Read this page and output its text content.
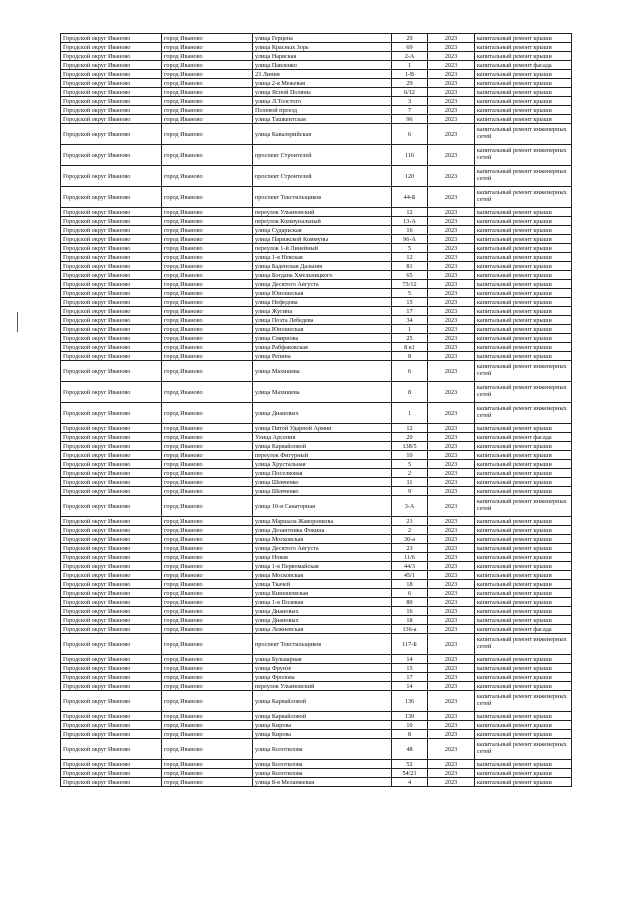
Городской округ Иваново	город Иваново	улица Герцена	29	2023	капитальный ремонт крыши
Городской округ Иваново	город Иваново	улица Красных Зорь	69	2023	капитальный ремонт крыши
Городской округ Иваново	город Иваново	улица Нарвская	2-А	2023	капитальный ремонт крыши
Городской округ Иваново	город Иваново	улица Павленко	1	2023	капитальный ремонт фасада
Городской округ Иваново	город Иваново	23 Линия	1-В	2023	капитальный ремонт крыши
Городской округ Иваново	город Иваново	улица 2-я Межевая	29	2023	капитальный ремонт крыши
Городской округ Иваново	город Иваново	улица Ясной Поляны	6/12	2023	капитальный ремонт крыши
Городской округ Иваново	город Иваново	улица Л.Толстого	3	2023	капитальный ремонт крыши
Городской округ Иваново	город Иваново	Полевой проезд	7	2023	капитальный ремонт крыши
Городской округ Иваново	город Иваново	улица Ташкентская	96	2023	капитальный ремонт крыши
Городской округ Иваново	город Иваново	улица Кавалерийская	6	2023	капитальный ремонт инженерных сетей
Городской округ Иваново	город Иваново	проспект Строителей	116	2023	капитальный ремонт инженерных сетей
Городской округ Иваново	город Иваново	проспект Строителей	120	2023	капитальный ремонт инженерных сетей
Городской округ Иваново	город Иваново	проспект Текстильщиков	44-Б	2023	капитальный ремонт инженерных сетей
Городской округ Иваново	город Иваново	переулок Ульяновский	12	2023	капитальный ремонт крыши
Городской округ Иваново	город Иваново	переулок Коммунальный	13-А	2023	капитальный ремонт крыши
Городской округ Иваново	город Иваново	улица Сударьская	16	2023	капитальный ремонт крыши
Городской округ Иваново	город Иваново	улица Парижской Коммуны	96-А	2023	капитальный ремонт крыши
Городской округ Иваново	город Иваново	переулок 1-й Линейный	5	2023	капитальный ремонт крыши
Городской округ Иваново	город Иваново	улица 1-я Невская	12	2023	капитальный ремонт крыши
Городской округ Иваново	город Иваново	улица Баденская Дальняя	81	2023	капитальный ремонт крыши
Городской округ Иваново	город Иваново	улица Богдана Хмельницкого	65	2023	капитальный ремонт крыши
Городской округ Иваново	город Иваново	улица Десятого Августа	73/12	2023	капитальный ремонт крыши
Городской округ Иваново	город Иваново	улица Юношеская	5	2023	капитальный ремонт крыши
Городской округ Иваново	город Иваново	улица Нефедова	15	2023	капитальный ремонт крыши
Городской округ Иваново	город Иваново	улица Жугина	17	2023	капитальный ремонт крыши
Городской округ Иваново	город Иваново	улица Поэта Лебедева	34	2023	капитальный ремонт крыши
Городской округ Иваново	город Иваново	улица Юношеская	1	2023	капитальный ремонт крыши
Городской округ Иваново	город Иваново	улица Смирнова	25	2023	капитальный ремонт крыши
Городской округ Иваново	город Иваново	улица Рабфаковская	8 к1	2023	капитальный ремонт крыши
Городской округ Иваново	город Иваново	улица Репина	8	2023	капитальный ремонт крыши
Городской округ Иваново	город Иваново	улица Махишева	6	2023	капитальный ремонт инженерных сетей
Городской округ Иваново	город Иваново	улица Махишева	8	2023	капитальный ремонт инженерных сетей
Городской округ Иваново	город Иваново	улица Диановых	1	2023	капитальный ремонт инженерных сетей
Городской округ Иваново	город Иваново	улица Пятой Ударной Армии	12	2023	капитальный ремонт крыши
Городской округ Иваново	город Иваново	Улица Арсения	20	2023	капитальный ремонт фасада
Городской округ Иваново	город Иваново	улица Карвайловой	138/5	2023	капитальный ремонт крыши
Городской округ Иваново	город Иваново	переулок Фигурный	10	2023	капитальный ремонт крыши
Городской округ Иваново	город Иваново	улица Хрустальная	5	2023	капитальный ремонт крыши
Городской округ Иваново	город Иваново	улица Поселковая	2	2023	капитальный ремонт крыши
Городской округ Иваново	город Иваново	улица Шевченко	11	2023	капитальный ремонт крыши
Городской округ Иваново	город Иваново	улица Шевченко	9	2023	капитальный ремонт крыши
Городской округ Иваново	город Иваново	улица 10-я Санаторная	3-А	2023	капитальный ремонт инженерных сетей
Городской округ Иваново	город Иваново	улица Маршала Жаворонкова	21	2023	капитальный ремонт крыши
Городской округ Иваново	город Иваново	улица Дезантника Фокина	2	2023	капитальный ремонт крыши
Городской округ Иваново	город Иваново	улица Московская	30-а	2023	капитальный ремонт крыши
Городской округ Иваново	город Иваново	улица Десятого Августа	23	2023	капитальный ремонт крыши
Городской округ Иваново	город Иваново	улица Новая	11/6	2023	капитальный ремонт крыши
Городской округ Иваново	город Иваново	улица 1-я Первомайская	44/3	2023	капитальный ремонт крыши
Городской округ Иваново	город Иваново	улица Московская	45/1	2023	капитальный ремонт крыши
Городской округ Иваново	город Иваново	улица Ткачей	18	2023	капитальный ремонт крыши
Городской округ Иваново	город Иваново	улица Кинешемская	6	2023	капитальный ремонт крыши
Городской округ Иваново	город Иваново	улица 1-я Полевая	80	2023	капитальный ремонт крыши
Городской округ Иваново	город Иваново	улица Диановых	16	2023	капитальный ремонт крыши
Городской округ Иваново	город Иваново	улица Диановых	18	2023	капитальный ремонт крыши
Городской округ Иваново	город Иваново	улица Лежневская	136-а	2023	капитальный ремонт фасада
Городской округ Иваново	город Иваново	проспект Текстильщиков	117-Б	2023	капитальный ремонт инженерных сетей
Городской округ Иваново	город Иваново	улица Бульварная	14	2023	капитальный ремонт крыши
Городской округ Иваново	город Иваново	улица Фрунзе	15	2023	капитальный ремонт крыши
Городской округ Иваново	город Иваново	улица Фролова	17	2023	капитальный ремонт крыши
Городской округ Иваново	город Иваново	переулок Ульяновский	14	2023	капитальный ремонт крыши
Городской округ Иваново	город Иваново	улица Карвайловой	136	2023	капитальный ремонт инженерных сетей
Городской округ Иваново	город Иваново	улица Карвайловой	139	2023	капитальный ремонт крыши
Городской округ Иваново	город Иваново	улица Кирова	10	2023	капитальный ремонт крыши
Городской округ Иваново	город Иваново	улица Кирова	8	2023	капитальный ремонт крыши
Городской округ Иваново	город Иваново	улица Колотилова	48	2023	капитальный ремонт инженерных сетей
Городской округ Иваново	город Иваново	улица Колотилова	52	2023	капитальный ремонт крыши
Городской округ Иваново	город Иваново	улица Колотилова	54/21	2023	капитальный ремонт крыши
Городской округ Иваново	город Иваново	улица 8-я Меланжевая	4	2023	капитальный ремонт крыши
